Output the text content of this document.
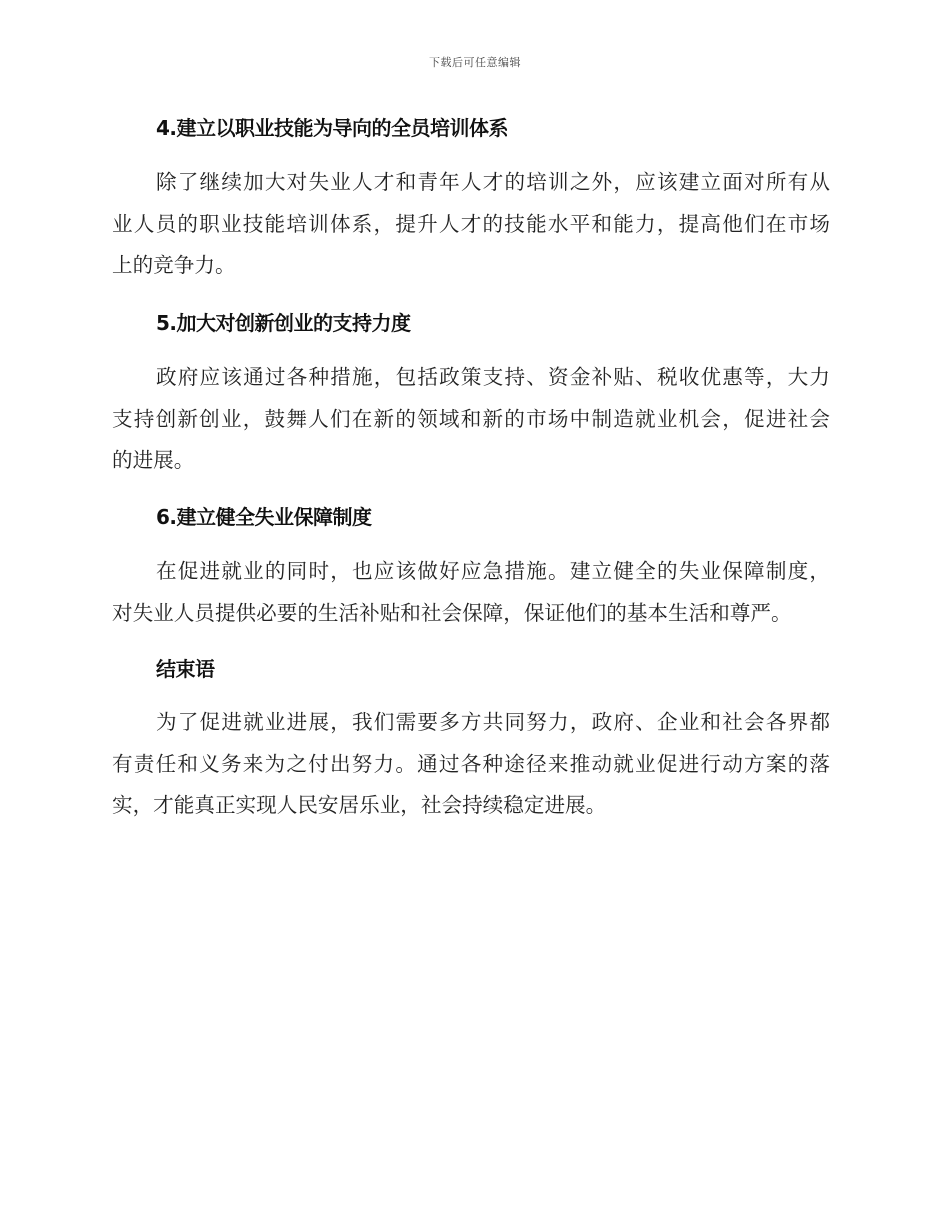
下载后可任意编辑
4.建立以职业技能为导向的全员培训体系
除了继续加大对失业人才和青年人才的培训之外，应该建立面对所有从
业人员的职业技能培训体系，提升人才的技能水平和能力，提高他们在市场
上的竞争力。
5.加大对创新创业的支持力度
政府应该通过各种措施，包括政策支持、资金补贴、税收优惠等，大力
支持创新创业，鼓舞人们在新的领域和新的市场中制造就业机会，促进社会
的进展。
6.建立健全失业保障制度
在促进就业的同时，也应该做好应急措施。建立健全的失业保障制度，
对失业人员提供必要的生活补贴和社会保障，保证他们的基本生活和尊严。
结束语
为了促进就业进展，我们需要多方共同努力，政府、企业和社会各界都
有责任和义务来为之付出努力。通过各种途径来推动就业促进行动方案的落
实，才能真正实现人民安居乐业，社会持续稳定进展。
